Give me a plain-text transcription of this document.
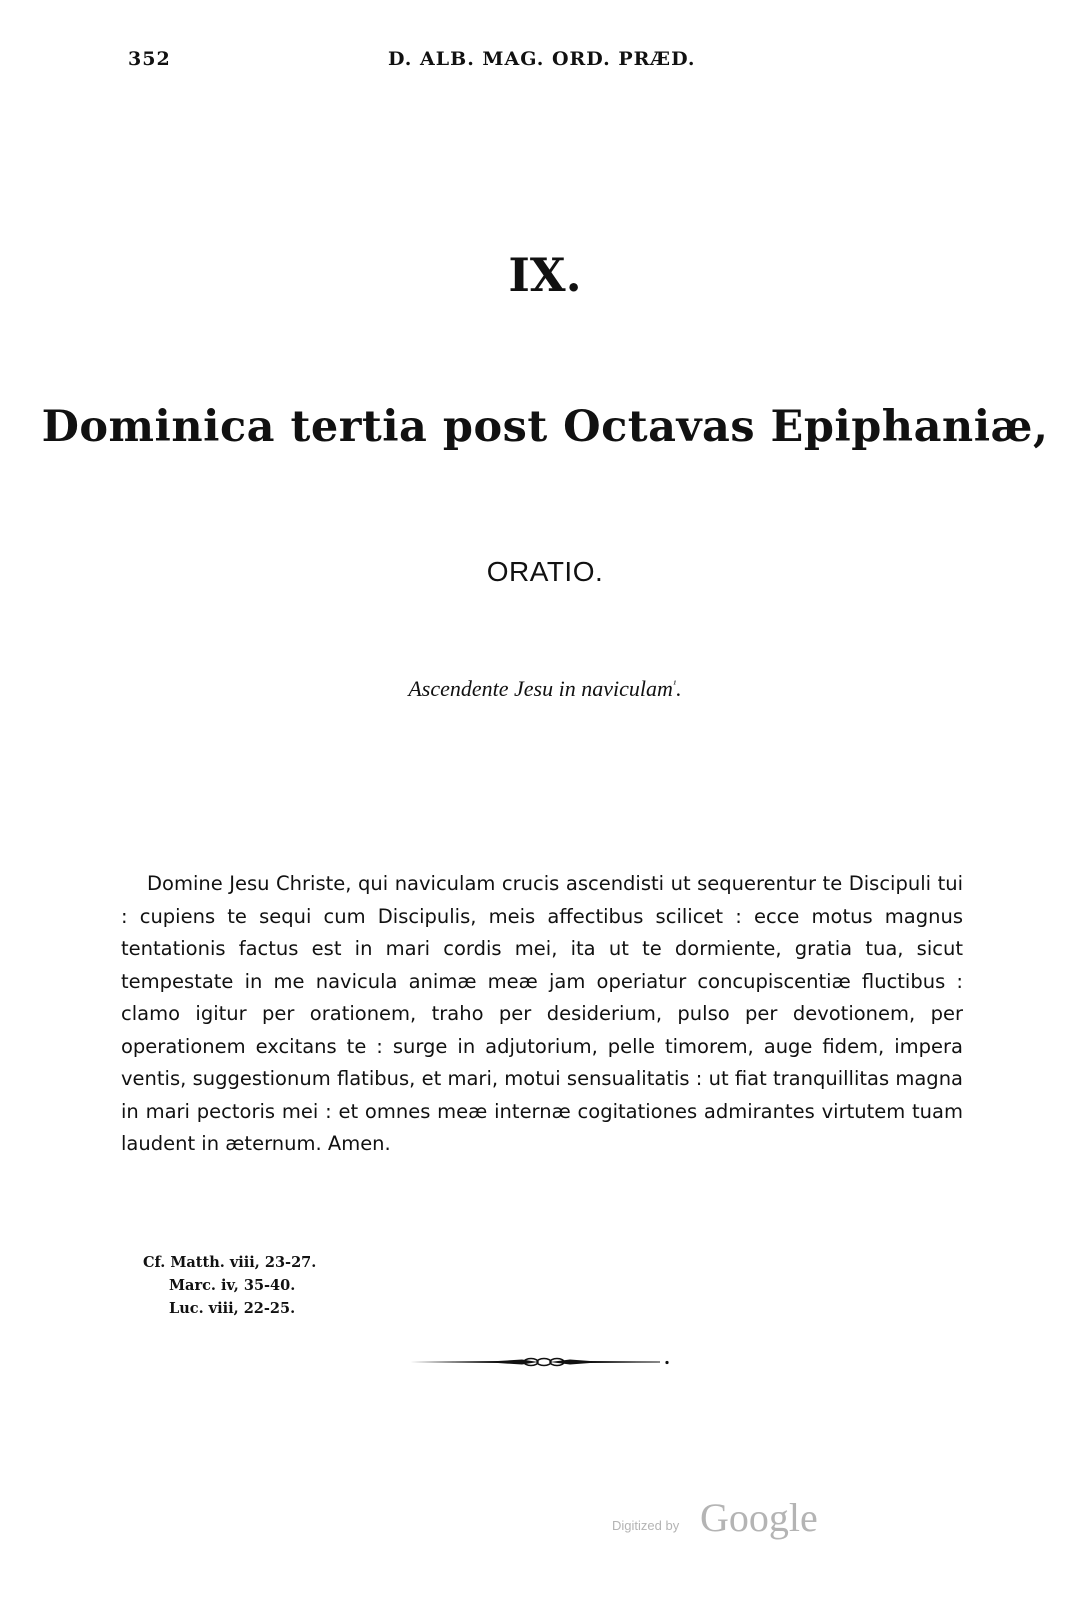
352	D. ALB. MAG. ORD. PRÆD.
IX.
Dominica tertia post Octavas Epiphaniæ,
ORATIO.
Ascendente Jesu in naviculam$^{^1}$.

Domine Jesu Christe, qui naviculam crucis ascendisti ut sequerentur te Discipuli tui : cupiens te sequi cum Discipulis, meis affectibus scilicet : ecce motus magnus tentationis factus est in mari cordis mei, ita ut te dormiente, gratia tua, sicut tempestate in me navicula animæ meæ jam operiatur concupiscentiæ fluctibus : clamo igitur per orationem, traho per desiderium, pulso per devotionem, per operationem excitans te : surge in adjutorium, pelle timorem, auge fidem, impera ventis, suggestionum flatibus, et mari, motui sensualitatis : ut fiat tranquillitas magna in mari pectoris mei : et omnes meæ internæ cogitationes admirantes virtutem tuam laudent in æternum. Amen.

Cf. Matth. viii, 23-27.
Marc. iv, 35-40.
Luc. viii, 22-25.
Digitized by Google
